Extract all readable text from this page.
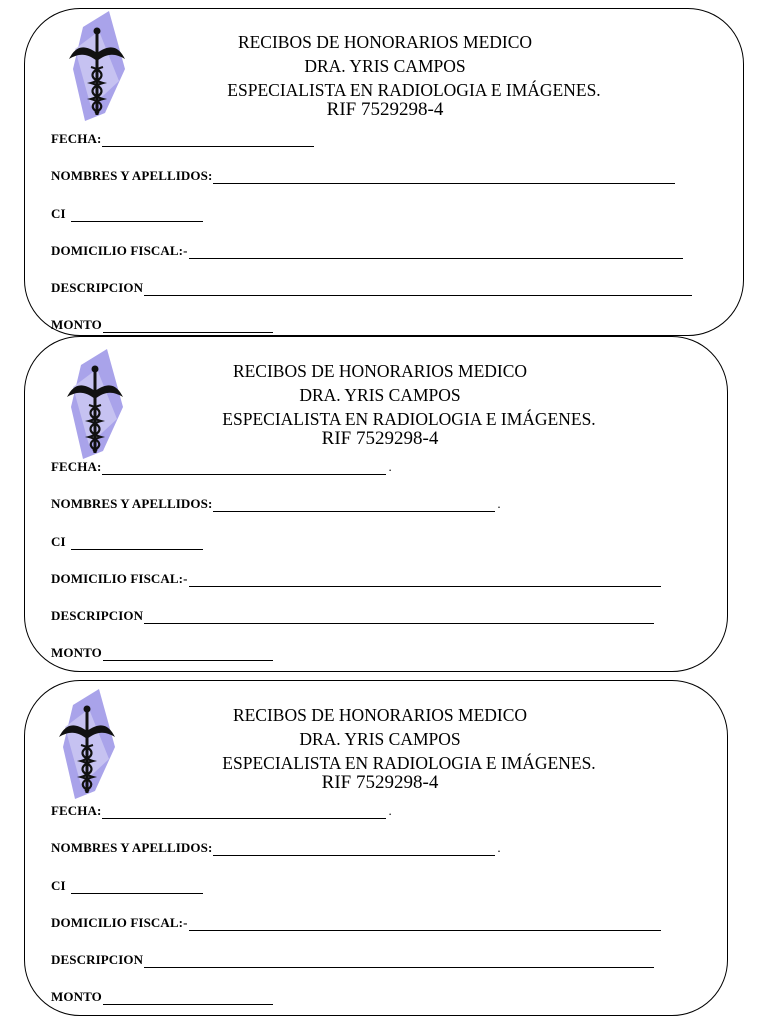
RECIBOS DE HONORARIOS MEDICO
DRA. YRIS CAMPOS
ESPECIALISTA EN RADIOLOGIA E IMÁGENES.
RIF 7529298-4
FECHA:
NOMBRES Y APELLIDOS:
CI
DOMICILIO FISCAL:-
DESCRIPCION
MONTO
RECIBOS DE HONORARIOS MEDICO
DRA. YRIS CAMPOS
ESPECIALISTA EN RADIOLOGIA E IMÁGENES.
RIF 7529298-4
FECHA:	.
NOMBRES Y APELLIDOS:	.
CI
DOMICILIO FISCAL:-
DESCRIPCION
MONTO
RECIBOS DE HONORARIOS MEDICO
DRA. YRIS CAMPOS
ESPECIALISTA EN RADIOLOGIA E IMÁGENES.
RIF 7529298-4
FECHA:	.
NOMBRES Y APELLIDOS:	.
CI
DOMICILIO FISCAL:-
DESCRIPCION
MONTO
